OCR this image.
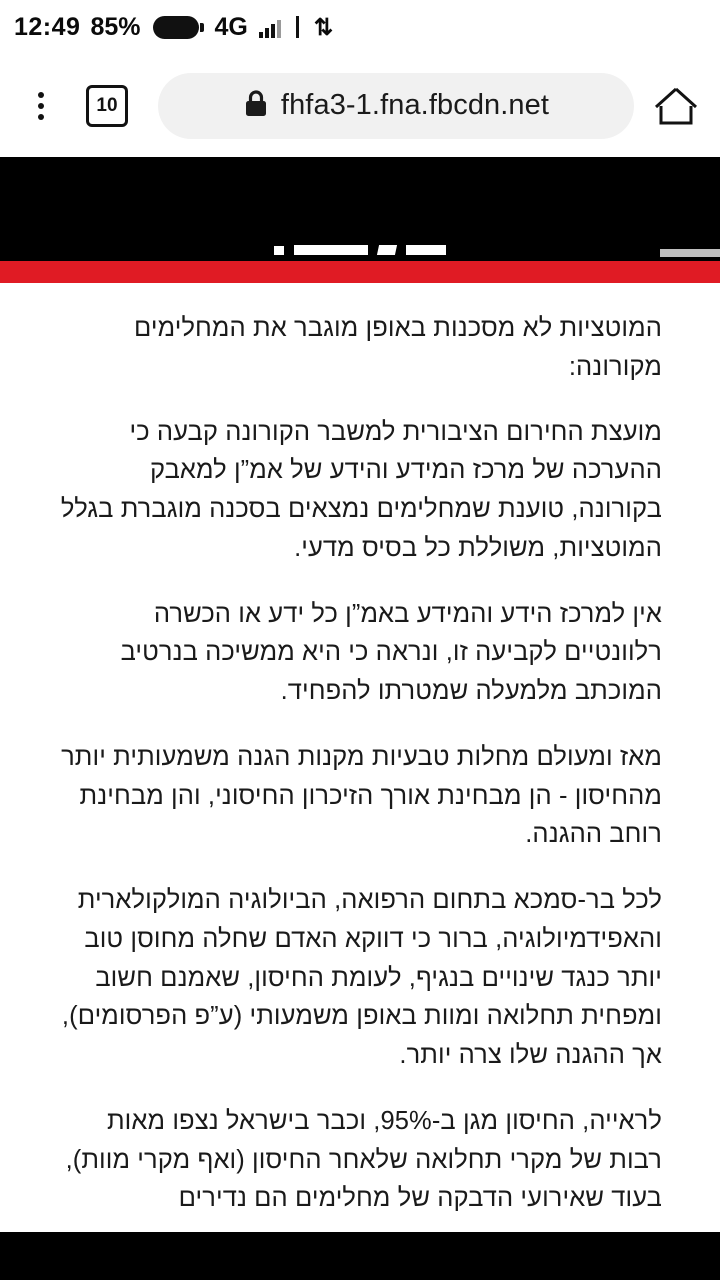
12:49 85%	4G	⇅
10	fhfa3-1.fna.fbcdn.net

המוטציות לא מסכנות באופן מוגבר את המחלימים מקורונה:

מועצת החירום הציבורית למשבר הקורונה קבעה כי ההערכה של מרכז המידע והידע של אמ”ן למאבק בקורונה, טוענת שמחלימים נמצאים בסכנה מוגברת בגלל המוטציות, משוללת כל בסיס מדעי.

אין למרכז הידע והמידע באמ”ן כל ידע או הכשרה רלוונטיים לקביעה זו, ונראה כי היא ממשיכה בנרטיב המוכתב מלמעלה שמטרתו להפחיד.

מאז ומעולם מחלות טבעיות מקנות הגנה משמעותית יותר מהחיסון - הן מבחינת אורך הזיכרון החיסוני, והן מבחינת רוחב ההגנה.

לכל בר-סמכא בתחום הרפואה, הביולוגיה המולקולארית והאפידמיולוגיה, ברור כי דווקא האדם שחלה מחוסן טוב יותר כנגד שינויים בנגיף, לעומת החיסון, שאמנם חשוב ומפחית תחלואה ומוות באופן משמעותי (ע”פ הפרסומים), אך ההגנה שלו צרה יותר.

לראייה, החיסון מגן ב-95%, וכבר בישראל נצפו מאות רבות של מקרי תחלואה שלאחר החיסון (ואף מקרי מוות), בעוד שאירועי הדבקה של מחלימים הם נדירים
